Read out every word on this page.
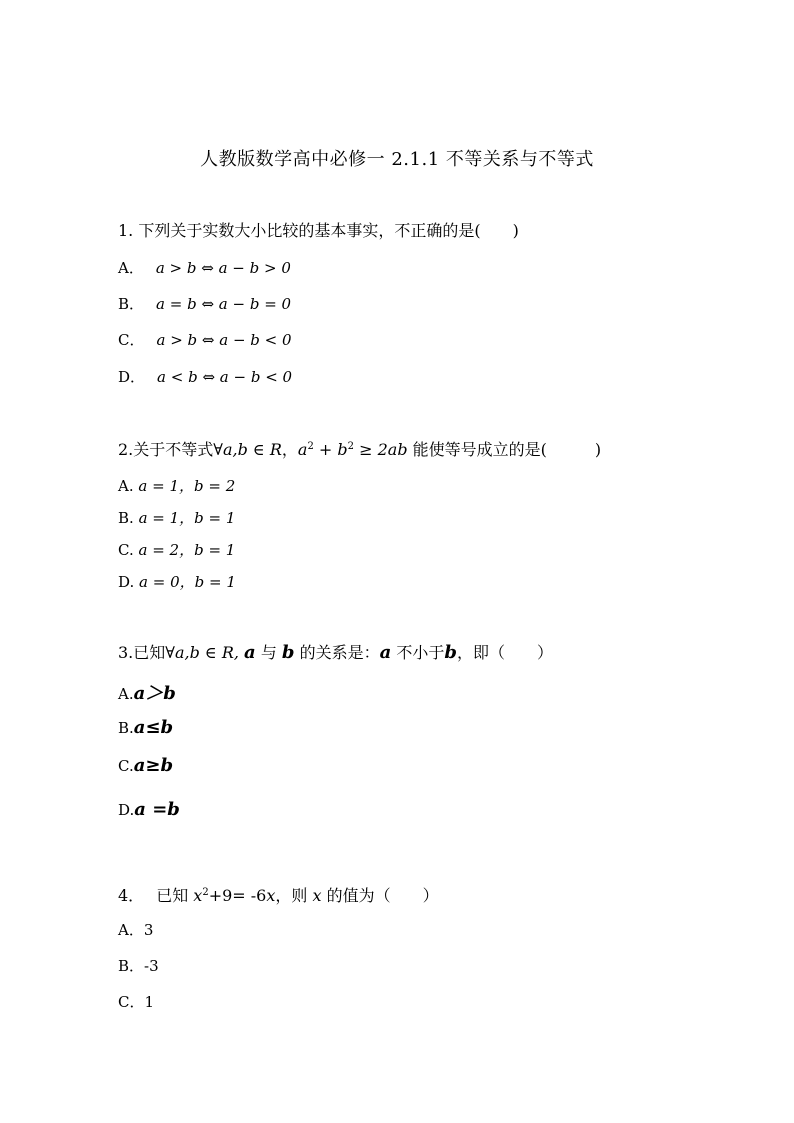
人教版数学高中必修一 2.1.1 不等关系与不等式
1. 下列关于实数大小比较的基本事实，不正确的是(　　)
A． a > b ⇔ a − b > 0
B． a = b ⇔ a − b = 0
C． a > b ⇔ a − b < 0
D． a < b ⇔ a − b < 0
2.关于不等式∀a,b ∈ R，$a^2 + b^2 \ge 2ab$ 能使等号成立的是(　　　)
A. a = 1，b = 2
B. a = 1，b = 1
C. a = 2，b = 1
D. a = 0，b = 1
3.已知∀a,b ∈ R, a 与 b 的关系是：a 不小于b，即（　　）
A.a＞b
B.a≤b
C.a≥b
D.a =b
4． 已知 $x^2+9= -6x$，则 x 的值为（　　）
A．3
B．-3
C．1
